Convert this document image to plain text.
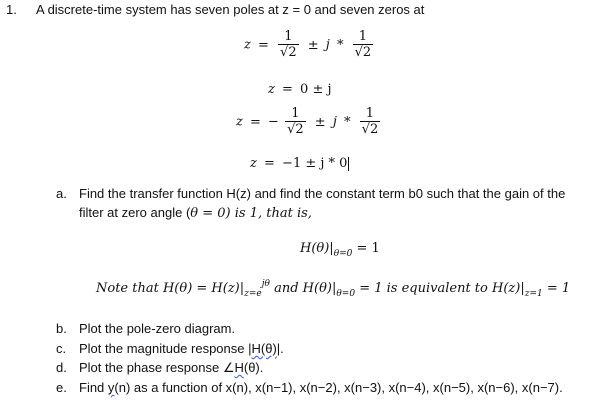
1. A discrete-time system has seven poles at z = 0 and seven zeros at
$z = \frac{1}{√2} \pm j * \frac{1}{√2}$
z = 0 ± j
z = − $\frac{1}{√2} \pm j * \frac{1}{√2}$
z = −1 ± j * 0
a. Find the transfer function H(z) and find the constant term b0 such that the gain of the
filter at zero angle (θ = 0) is 1, that is,
$H(\theta)|_{\theta=0} = 1$
Note that $H(\theta) = H(z)|_{z=e}^{j\theta}$ and $H(\theta)|_{\theta=0} = 1$ is equivalent to $H(z)|_{z=1} = 1$
b. Plot the pole-zero diagram.
c. Plot the magnitude response |H(θ)|.
d. Plot the phase response ∠H(θ).
e. Find y(n) as a function of x(n), x(n−1), x(n−2), x(n−3), x(n−4), x(n−5), x(n−6), x(n−7).
